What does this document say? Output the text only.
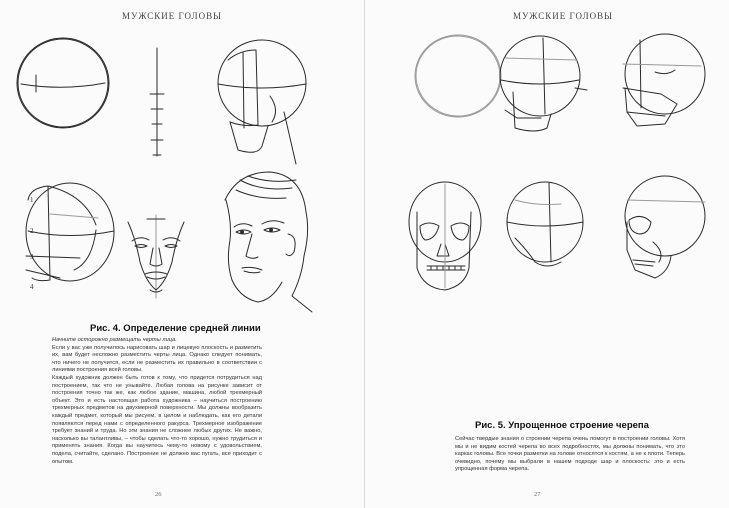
МУЖСКИЕ ГОЛОВЫ
1
2
3
4
Рис. 4. Определение средней линии

Начните осторожно размещать черты лица.

Если у вас уже получилось нарисовать шар и лицевую плоскость и разметить их, вам будет несложно разместить черты лица. Однако следует понимать, что ничего не получится, если не разместить их правильно в соответствии с линиями построения всей головы.

Каждый художник должен быть готов к тому, что придется потрудиться над построением, так что не унывайте. Любая голова на рисунке зависит от построения точно так же, как любое здание, машина, любой трехмерный объект. Это и есть настоящая работа художника – научиться построению трехмерных предметов на двухмерной поверхности. Мы должны вообразить каждый предмет, который мы рисуем, в целом и наблюдать, как его детали появляются перед нами с определенного ракурса. Трехмерное изображение требует знаний и труда. Но эти знания не сложнее любых других. Не важно, насколько вы талантливы, – чтобы сделать что-то хорошо, нужно трудиться и применять знания. Когда вы научитесь чему-то новому с удовольствием, подела, считайте, сделано. Построение не должно вас пугать, все приходит с опытом.

26
МУЖСКИЕ ГОЛОВЫ
Рис. 5. Упрощенное строение черепа

Сейчас твердые знания о строении черепа очень помогут в построении головы. Хотя мы и не видим костей черепа во всех подробностях, мы должны понимать, что это каркас головы. Все точки разметки на голове относятся к костям, а не к плоти. Теперь очевидно, почему мы выбрали в нашем подходе шар и плоскость: это и есть упрощенная форма черепа.

27
